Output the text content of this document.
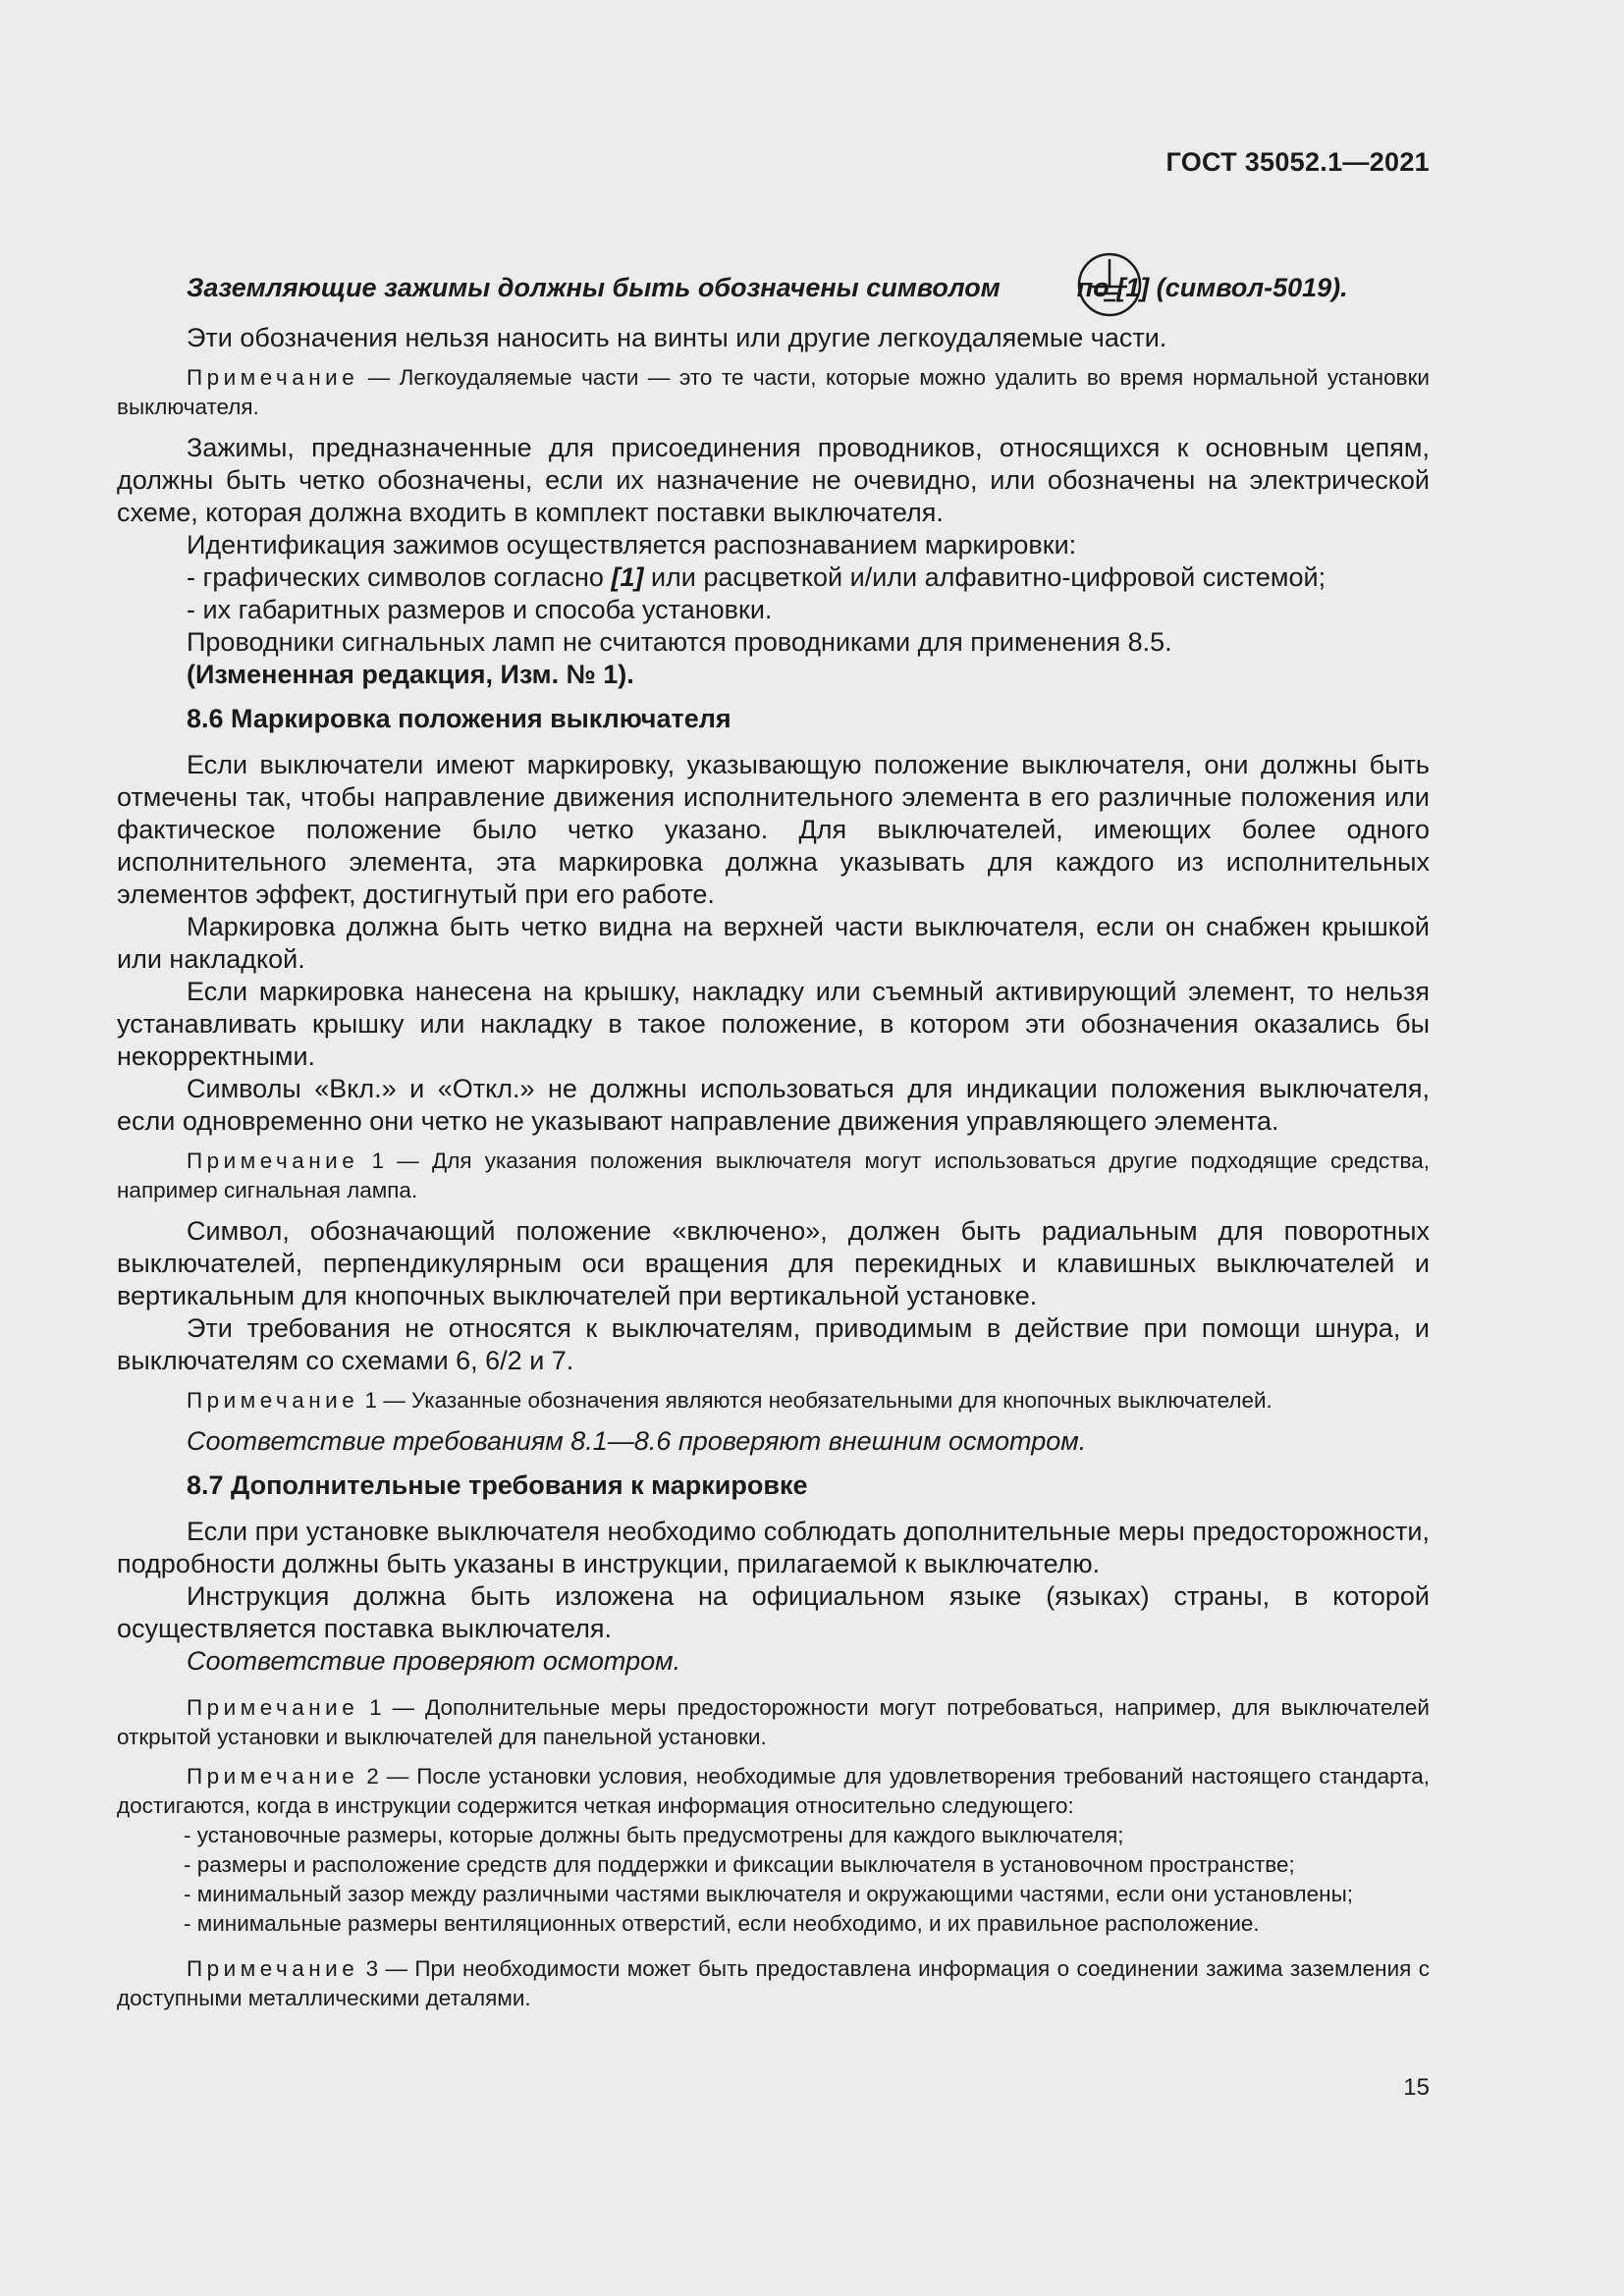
ГОСТ 35052.1—2021

Заземляющие зажимы должны быть обозначены символом	по [1] (символ-5019).

Эти обозначения нельзя наносить на винты или другие легкоудаляемые части.

Примечание — Легкоудаляемые части — это те части, которые можно удалить во время нормальной установки выключателя.

Зажимы, предназначенные для присоединения проводников, относящихся к основным цепям, должны быть четко обозначены, если их назначение не очевидно, или обозначены на электрической схеме, которая должна входить в комплект поставки выключателя.

Идентификация зажимов осуществляется распознаванием маркировки:

- графических символов согласно [1] или расцветкой и/или алфавитно-цифровой системой;

- их габаритных размеров и способа установки.

Проводники сигнальных ламп не считаются проводниками для применения 8.5.

(Измененная редакция, Изм. № 1).

8.6 Маркировка положения выключателя

Если выключатели имеют маркировку, указывающую положение выключателя, они должны быть отмечены так, чтобы направление движения исполнительного элемента в его различные положения или фактическое положение было четко указано. Для выключателей, имеющих более одного исполнительного элемента, эта маркировка должна указывать для каждого из исполнительных элементов эффект, достигнутый при его работе.

Маркировка должна быть четко видна на верхней части выключателя, если он снабжен крышкой или накладкой.

Если маркировка нанесена на крышку, накладку или съемный активирующий элемент, то нельзя устанавливать крышку или накладку в такое положение, в котором эти обозначения оказались бы некорректными.

Символы «Вкл.» и «Откл.» не должны использоваться для индикации положения выключателя, если одновременно они четко не указывают направление движения управляющего элемента.

Примечание 1 — Для указания положения выключателя могут использоваться другие подходящие средства, например сигнальная лампа.

Символ, обозначающий положение «включено», должен быть радиальным для поворотных выключателей, перпендикулярным оси вращения для перекидных и клавишных выключателей и вертикальным для кнопочных выключателей при вертикальной установке.

Эти требования не относятся к выключателям, приводимым в действие при помощи шнура, и выключателям со схемами 6, 6/2 и 7.

Примечание 1 — Указанные обозначения являются необязательными для кнопочных выключателей.

Соответствие требованиям 8.1—8.6 проверяют внешним осмотром.

8.7 Дополнительные требования к маркировке

Если при установке выключателя необходимо соблюдать дополнительные меры предосторожности, подробности должны быть указаны в инструкции, прилагаемой к выключателю.

Инструкция должна быть изложена на официальном языке (языках) страны, в которой осуществляется поставка выключателя.

Соответствие проверяют осмотром.

Примечание 1 — Дополнительные меры предосторожности могут потребоваться, например, для выключателей открытой установки и выключателей для панельной установки.
Примечание 2 — После установки условия, необходимые для удовлетворения требований настоящего стандарта, достигаются, когда в инструкции содержится четкая информация относительно следующего:

- установочные размеры, которые должны быть предусмотрены для каждого выключателя;

- размеры и расположение средств для поддержки и фиксации выключателя в установочном пространстве;

- минимальный зазор между различными частями выключателя и окружающими частями, если они установлены;

- минимальные размеры вентиляционных отверстий, если необходимо, и их правильное расположение.

Примечание 3 — При необходимости может быть предоставлена информация о соединении зажима заземления с доступными металлическими деталями.
15
